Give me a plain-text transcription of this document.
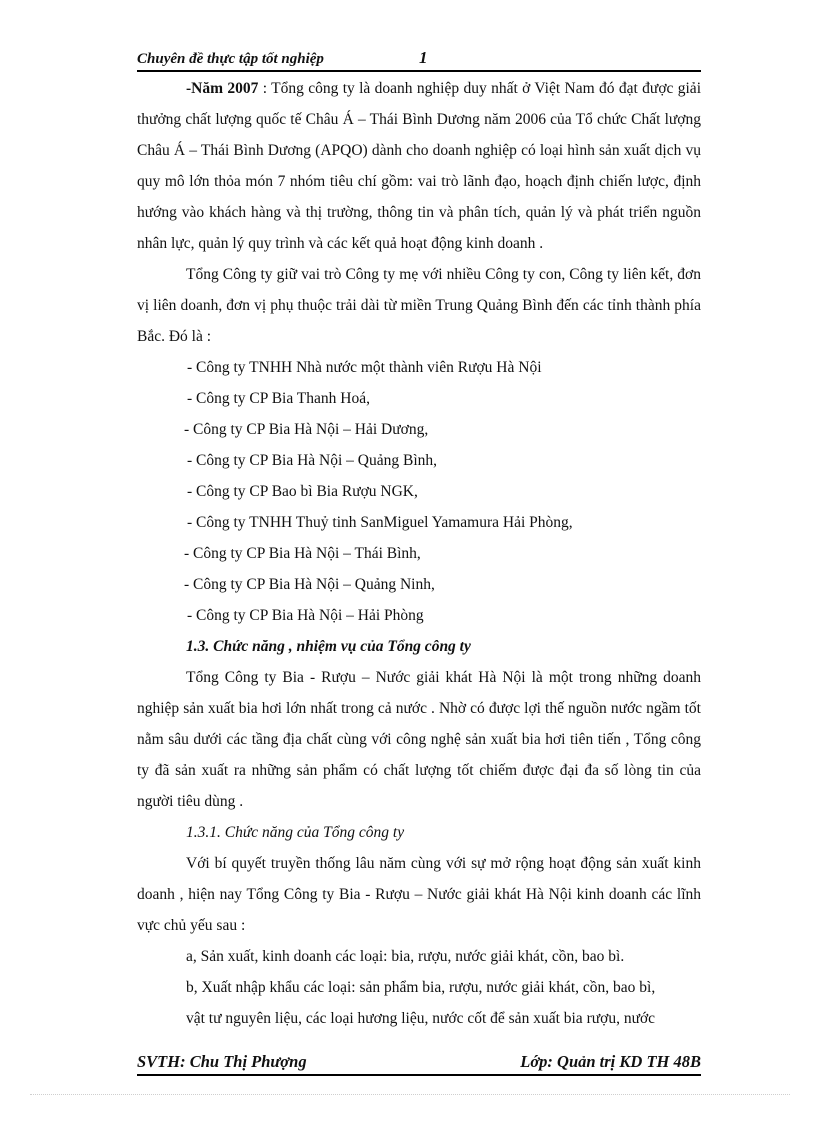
Chuyên đề thực tập tốt nghiệp	1

-Năm 2007 : Tổng công ty là doanh nghiệp duy nhất ở Việt Nam đó đạt được giải thưởng chất lượng quốc tế Châu Á – Thái Bình Dương năm 2006 của Tổ chức Chất lượng Châu Á – Thái Bình Dương (APQO) dành cho doanh nghiệp có loại hình sản xuất dịch vụ quy mô lớn thỏa món 7 nhóm tiêu chí gồm: vai trò lãnh đạo, hoạch định chiến lược, định hướng vào khách hàng và thị trường, thông tin và phân tích, quản lý và phát triển nguồn nhân lực, quản lý quy trình và các kết quả hoạt động kinh doanh .

Tổng Công ty giữ vai trò Công ty mẹ với nhiều Công ty con, Công ty liên kết, đơn vị liên doanh, đơn vị phụ thuộc trải dài từ miền Trung Quảng Bình đến các tỉnh thành phía Bắc. Đó là :

- Công ty TNHH Nhà nước một thành viên Rượu Hà Nội

- Công ty CP Bia Thanh Hoá,

- Công ty CP Bia Hà Nội – Hải Dương,

- Công ty CP Bia Hà Nội – Quảng Bình,

- Công ty CP Bao bì Bia Rượu NGK,

- Công ty TNHH Thuỷ tinh SanMiguel Yamamura Hải Phòng,

- Công ty CP Bia Hà Nội – Thái Bình,

- Công ty CP Bia Hà Nội – Quảng Ninh,

- Công ty CP Bia Hà Nội – Hải Phòng

1.3. Chức năng , nhiệm vụ của Tổng công ty

Tổng Công ty Bia - Rượu – Nước giải khát Hà Nội là một trong những doanh nghiệp sản xuất bia hơi lớn nhất trong cả nước . Nhờ có được lợi thế nguồn nước ngầm tốt nằm sâu dưới các tầng địa chất cùng với công nghệ sản xuất bia hơi tiên tiến , Tổng công ty đã sản xuất ra những sản phẩm có chất lượng tốt chiếm được đại đa số lòng tin của người tiêu dùng .

1.3.1. Chức năng của Tổng công ty

Với bí quyết truyền thống lâu năm cùng với sự mở rộng hoạt động sản xuất kinh doanh , hiện nay Tổng Công ty Bia - Rượu – Nước giải khát Hà Nội kinh doanh các lĩnh vực chủ yếu sau :

a, Sản xuất, kinh doanh các loại: bia, rượu, nước giải khát, cồn, bao bì.

b, Xuất nhập khẩu các loại: sản phẩm bia, rượu, nước giải khát, cồn, bao bì,

vật tư nguyên liệu, các loại hương liệu, nước cốt để sản xuất bia rượu, nước

SVTH: Chu Thị Phượng	Lớp: Quản trị KD TH 48B
